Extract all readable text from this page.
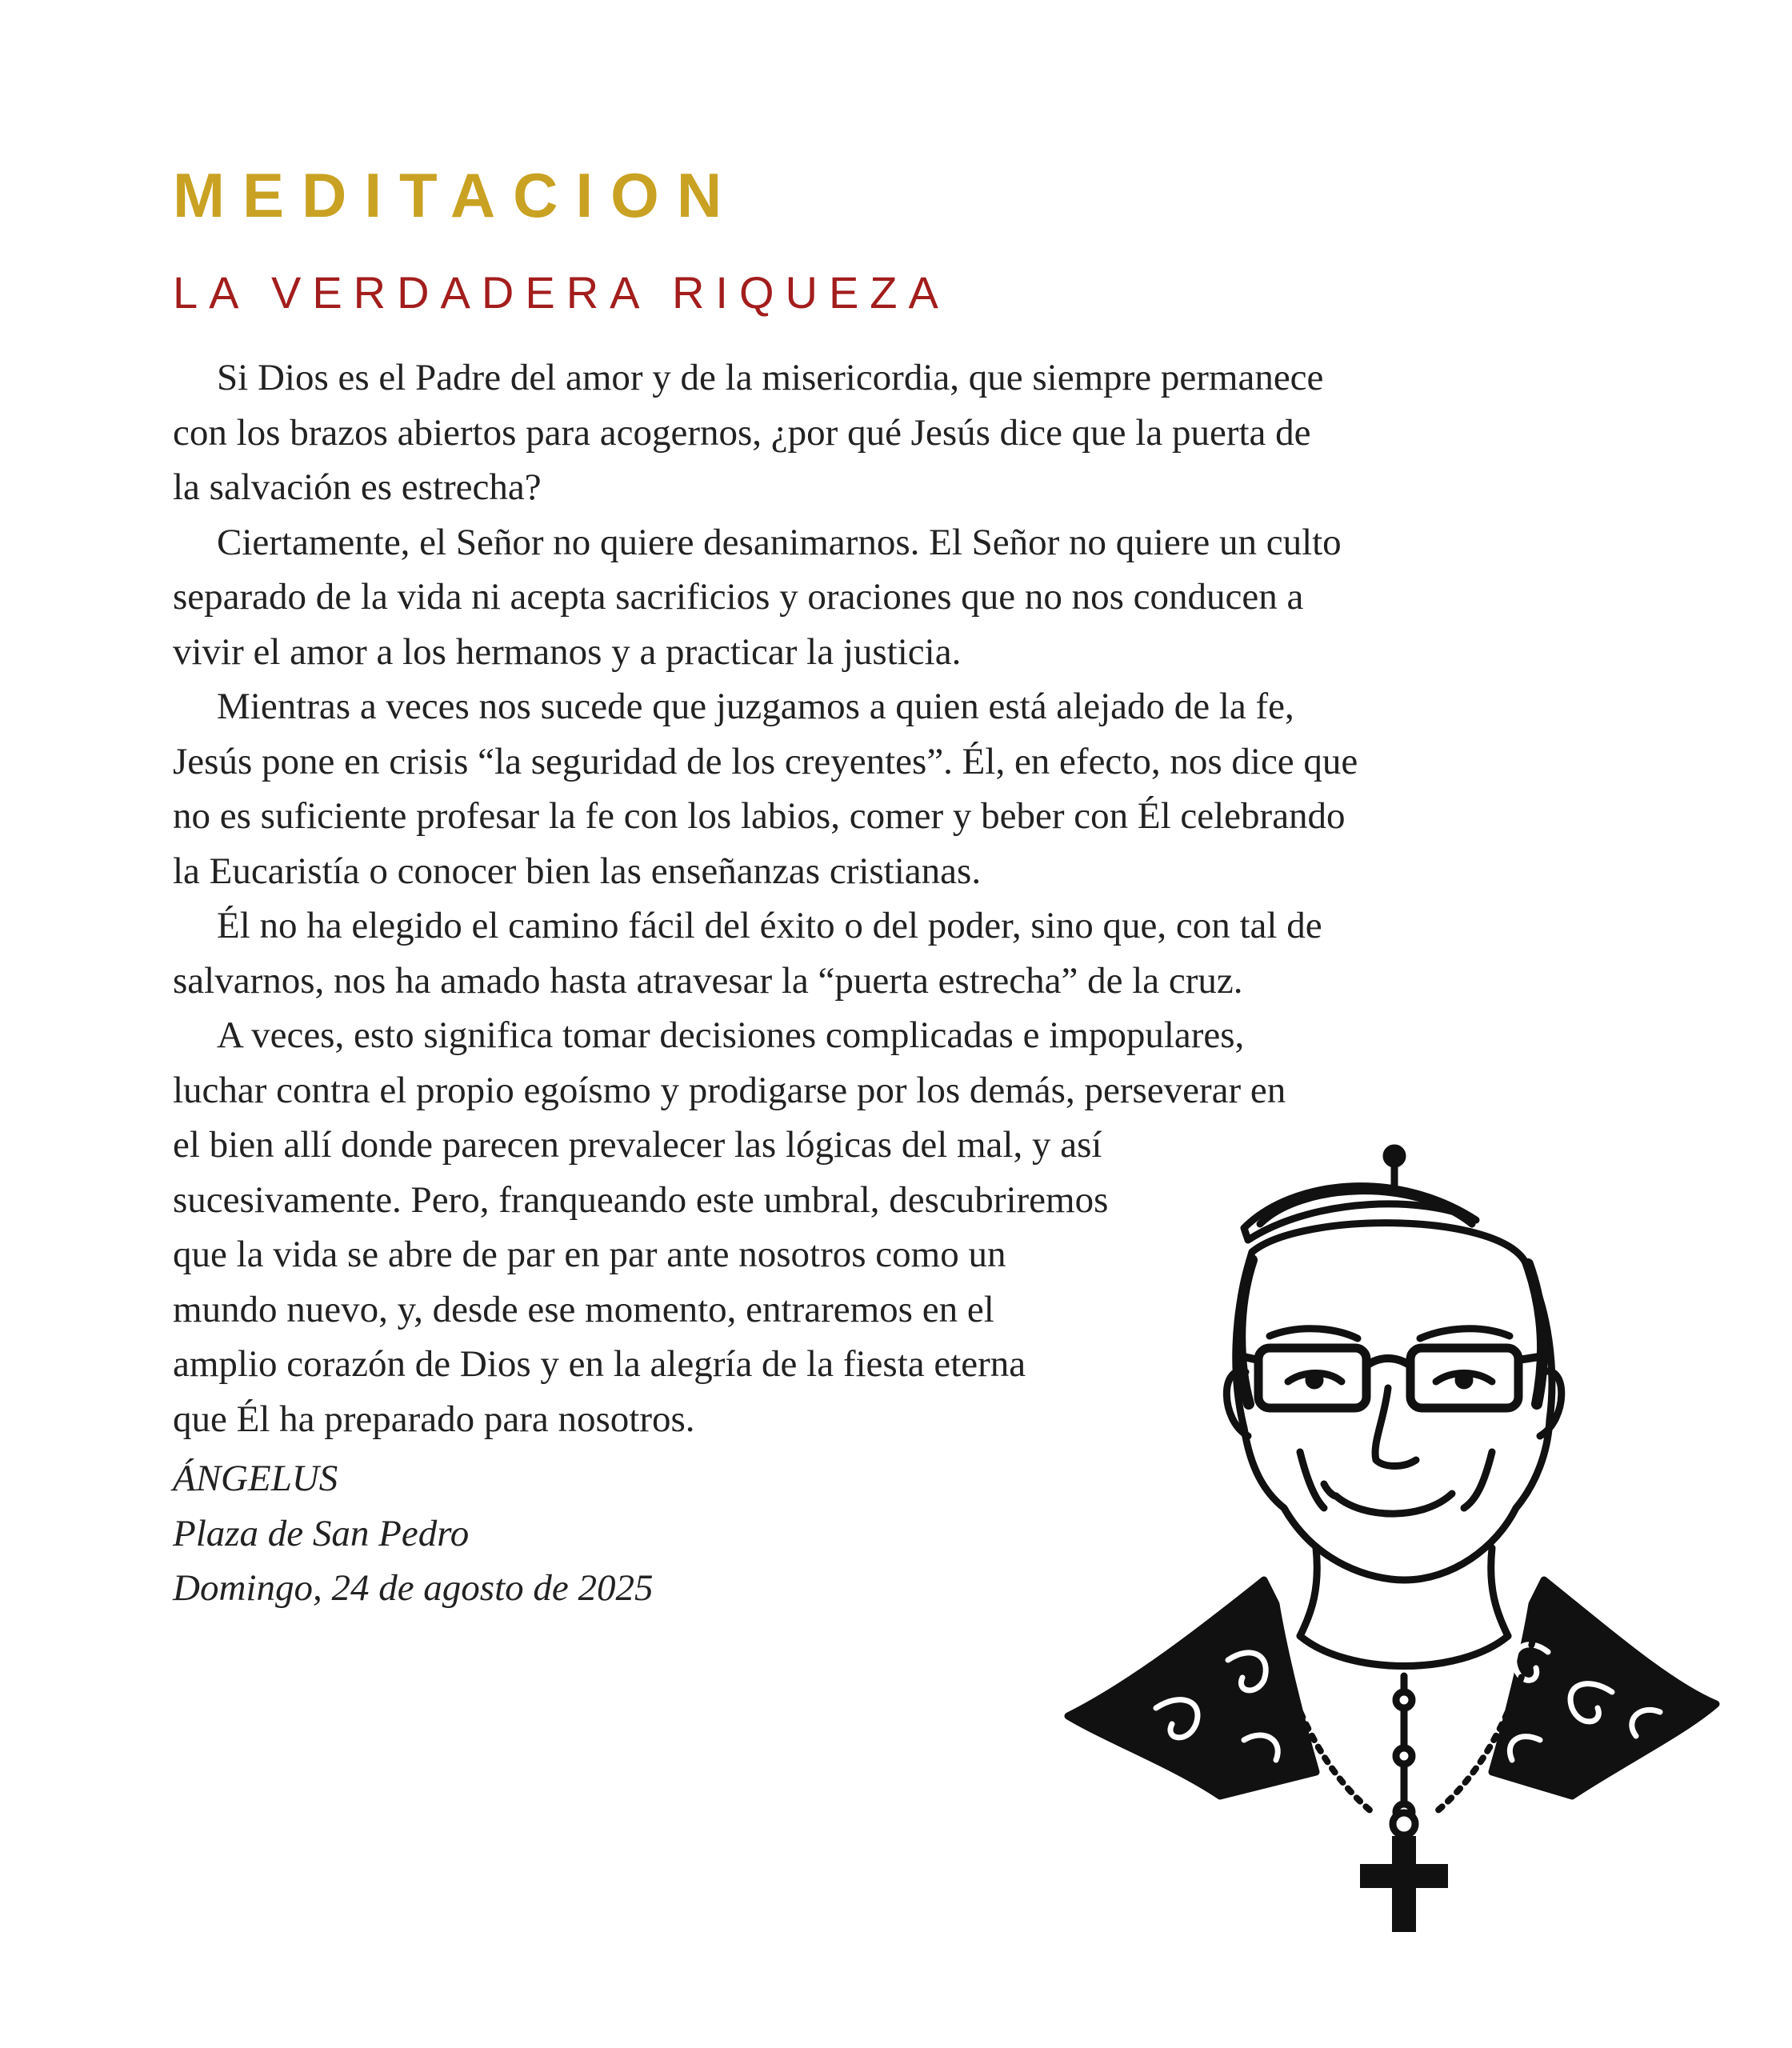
MEDITACION
LA VERDADERA RIQUEZA
Si Dios es el Padre del amor y de la misericordia, que siempre permanece
con los brazos abiertos para acogernos, ¿por qué Jesús dice que la puerta de
la salvación es estrecha?
Ciertamente, el Señor no quiere desanimarnos. El Señor no quiere un culto
separado de la vida ni acepta sacrificios y oraciones que no nos conducen a
vivir el amor a los hermanos y a practicar la justicia.
Mientras a veces nos sucede que juzgamos a quien está alejado de la fe,
Jesús pone en crisis “la seguridad de los creyentes”. Él, en efecto, nos dice que
no es suficiente profesar la fe con los labios, comer y beber con Él celebrando
la Eucaristía o conocer bien las enseñanzas cristianas.
Él no ha elegido el camino fácil del éxito o del poder, sino que, con tal de
salvarnos, nos ha amado hasta atravesar la “puerta estrecha” de la cruz.
A veces, esto significa tomar decisiones complicadas e impopulares,
luchar contra el propio egoísmo y prodigarse por los demás, perseverar en
el bien allí donde parecen prevalecer las lógicas del mal, y así
sucesivamente. Pero, franqueando este umbral, descubriremos
que la vida se abre de par en par ante nosotros como un
mundo nuevo, y, desde ese momento, entraremos en el
amplio corazón de Dios y en la alegría de la fiesta eterna
que Él ha preparado para nosotros.
ÁNGELUS
Plaza de San Pedro
Domingo, 24 de agosto de 2025
